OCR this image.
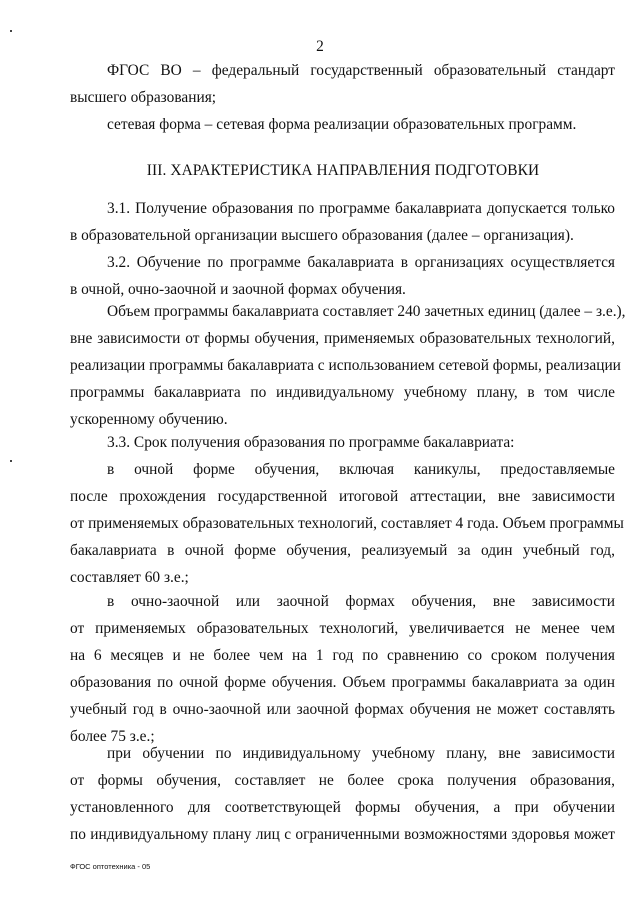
2
III. ХАРАКТЕРИСТИКА НАПРАВЛЕНИЯ ПОДГОТОВКИ
ФГОС ВО – федеральный государственный образовательный стандарт
высшего образования;
сетевая форма – сетевая форма реализации образовательных программ.
3.1. Получение образования по программе бакалавриата допускается только
в образовательной организации высшего образования (далее – организация).
3.2. Обучение по программе бакалавриата в организациях осуществляется
в очной, очно-заочной и заочной формах обучения.
Объем программы бакалавриата составляет 240 зачетных единиц (далее – з.е.),
вне зависимости от формы обучения, применяемых образовательных технологий,
реализации программы бакалавриата с использованием сетевой формы, реализации
программы бакалавриата по индивидуальному учебному плану, в том числе
ускоренному обучению.
3.3. Срок получения образования по программе бакалавриата:
в очной форме обучения, включая каникулы, предоставляемые
после прохождения государственной итоговой аттестации, вне зависимости
от применяемых образовательных технологий, составляет 4 года. Объем программы
бакалавриата в очной форме обучения, реализуемый за один учебный год,
составляет 60 з.е.;
в очно-заочной или заочной формах обучения, вне зависимости
от применяемых образовательных технологий, увеличивается не менее чем
на 6 месяцев и не более чем на 1 год по сравнению со сроком получения
образования по очной форме обучения. Объем программы бакалавриата за один
учебный год в очно-заочной или заочной формах обучения не может составлять
более 75 з.е.;
при обучении по индивидуальному учебному плану, вне зависимости
от формы обучения, составляет не более срока получения образования,
установленного для соответствующей формы обучения, а при обучении
по индивидуальному плану лиц с ограниченными возможностями здоровья может
ФГОС оптотехника - 05
